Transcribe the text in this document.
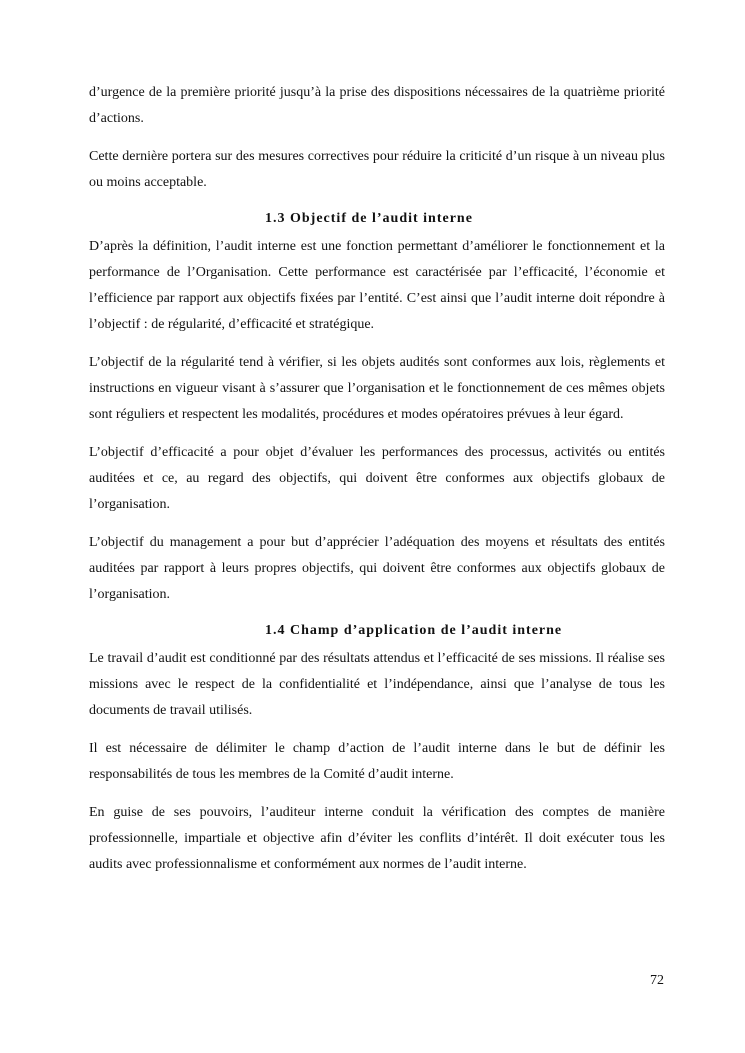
d’urgence de la première priorité jusqu’à la prise des dispositions nécessaires de la quatrième priorité d’actions.

Cette dernière portera sur des mesures correctives pour réduire la criticité d’un risque à un niveau plus ou moins acceptable.

1.3 Objectif de l’audit interne

D’après la définition, l’audit interne est une fonction permettant d’améliorer le fonctionnement et la performance de l’Organisation. Cette performance est caractérisée par l’efficacité, l’économie et l’efficience par rapport aux objectifs fixées par l’entité. C’est ainsi que l’audit interne doit répondre à l’objectif : de régularité, d’efficacité et stratégique.

L’objectif de la régularité tend à vérifier, si les objets audités sont conformes aux lois, règlements et instructions en vigueur visant à s’assurer que l’organisation et le fonctionnement de ces mêmes objets sont réguliers et respectent les modalités, procédures et modes opératoires prévues à leur égard.

L’objectif d’efficacité a pour objet d’évaluer les performances des processus, activités ou entités auditées et ce, au regard des objectifs, qui doivent être conformes aux objectifs globaux de l’organisation.

L’objectif du management a pour but d’apprécier l’adéquation des moyens et résultats des entités auditées par rapport à leurs propres objectifs, qui doivent être conformes aux objectifs globaux de l’organisation.

1.4 Champ d’application de l’audit interne

Le travail d’audit est conditionné par des résultats attendus et l’efficacité de ses missions. Il réalise ses missions avec le respect de la confidentialité et l’indépendance, ainsi que l’analyse de tous les documents de travail utilisés.

Il est nécessaire de délimiter le champ d’action de l’audit interne dans le but de définir les responsabilités de tous les membres de la Comité d’audit interne.

En guise de ses pouvoirs, l’auditeur interne conduit la vérification des comptes de manière professionnelle, impartiale et objective afin d’éviter les conflits d’intérêt. Il doit exécuter tous les audits avec professionnalisme et conformément aux normes de l’audit interne.

72
